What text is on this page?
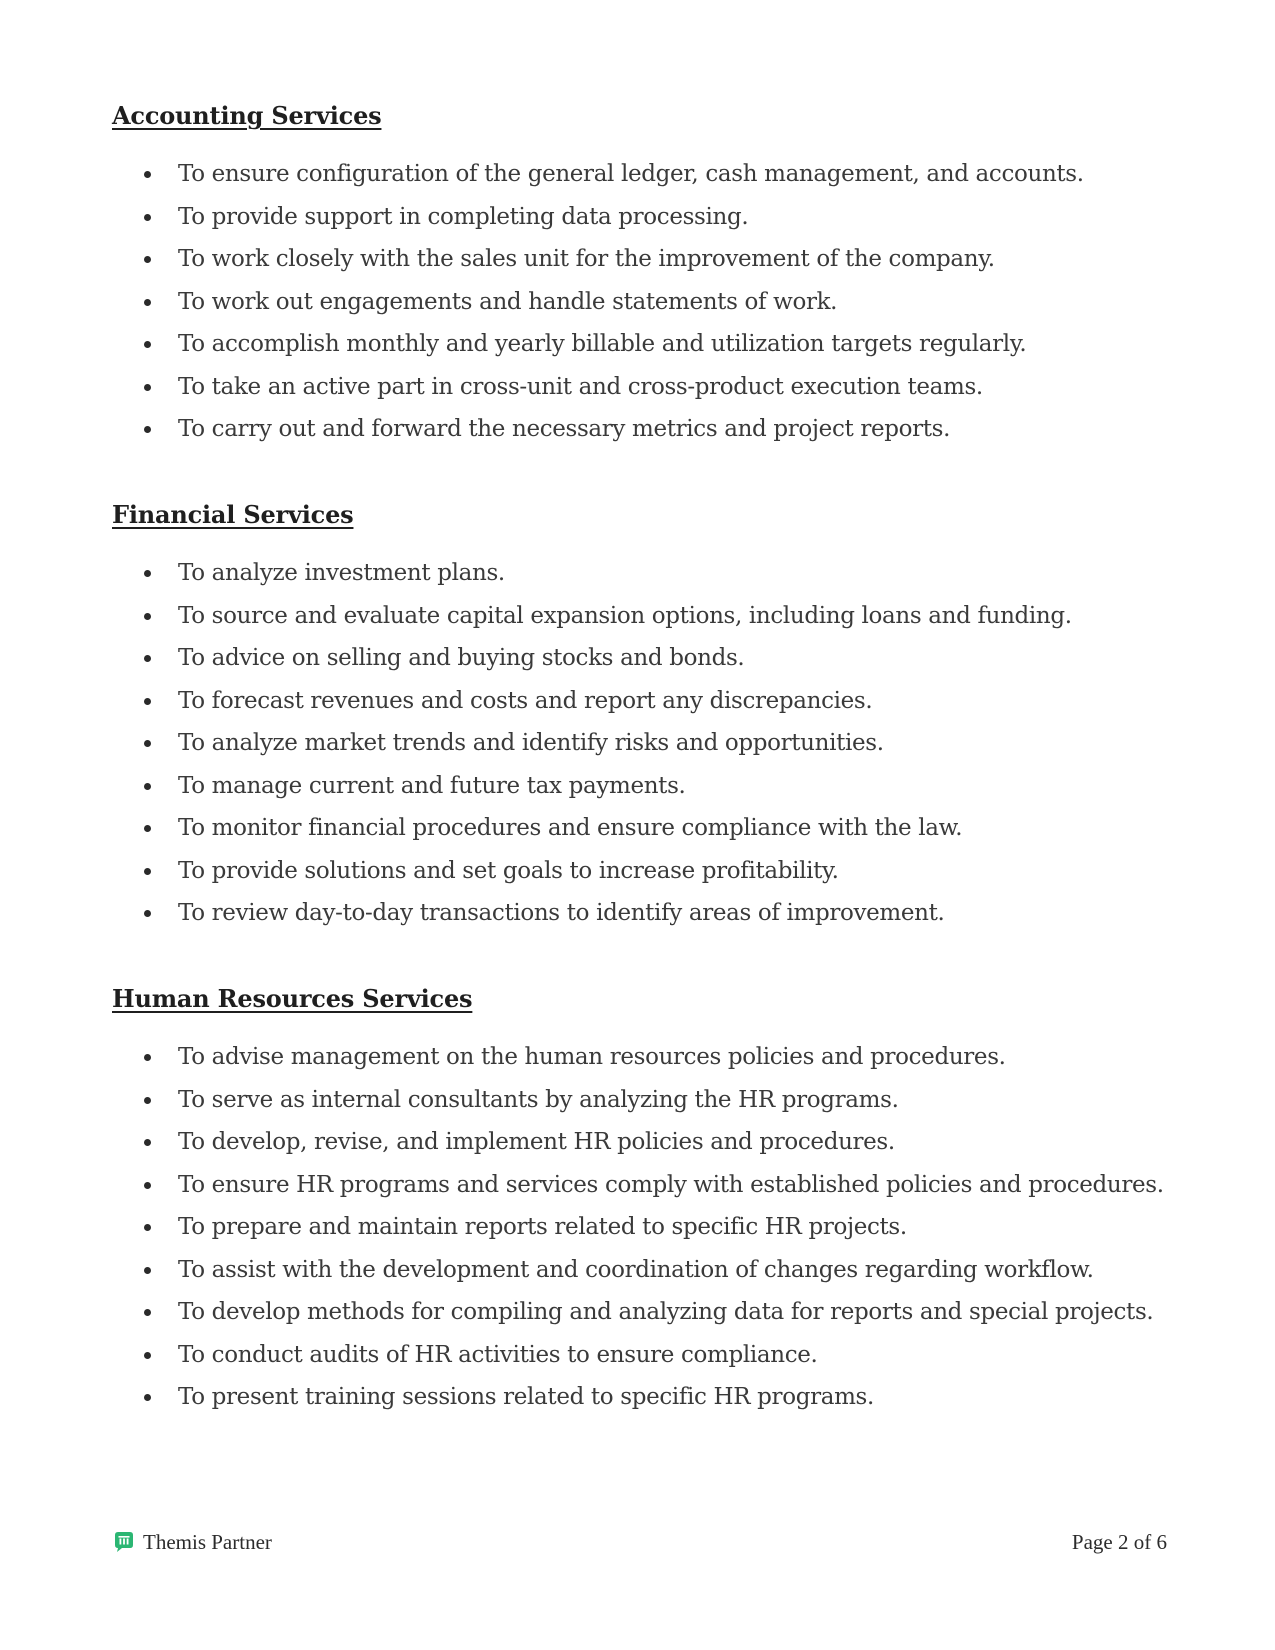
Accounting Services
To ensure configuration of the general ledger, cash management, and accounts.
To provide support in completing data processing.
To work closely with the sales unit for the improvement of the company.
To work out engagements and handle statements of work.
To accomplish monthly and yearly billable and utilization targets regularly.
To take an active part in cross-unit and cross-product execution teams.
To carry out and forward the necessary metrics and project reports.
Financial Services
To analyze investment plans.
To source and evaluate capital expansion options, including loans and funding.
To advice on selling and buying stocks and bonds.
To forecast revenues and costs and report any discrepancies.
To analyze market trends and identify risks and opportunities.
To manage current and future tax payments.
To monitor financial procedures and ensure compliance with the law.
To provide solutions and set goals to increase profitability.
To review day-to-day transactions to identify areas of improvement.
Human Resources Services
To advise management on the human resources policies and procedures.
To serve as internal consultants by analyzing the HR programs.
To develop, revise, and implement HR policies and procedures.
To ensure HR programs and services comply with established policies and procedures.
To prepare and maintain reports related to specific HR projects.
To assist with the development and coordination of changes regarding workflow.
To develop methods for compiling and analyzing data for reports and special projects.
To conduct audits of HR activities to ensure compliance.
To present training sessions related to specific HR programs.
Themis Partner	Page 2 of 6
